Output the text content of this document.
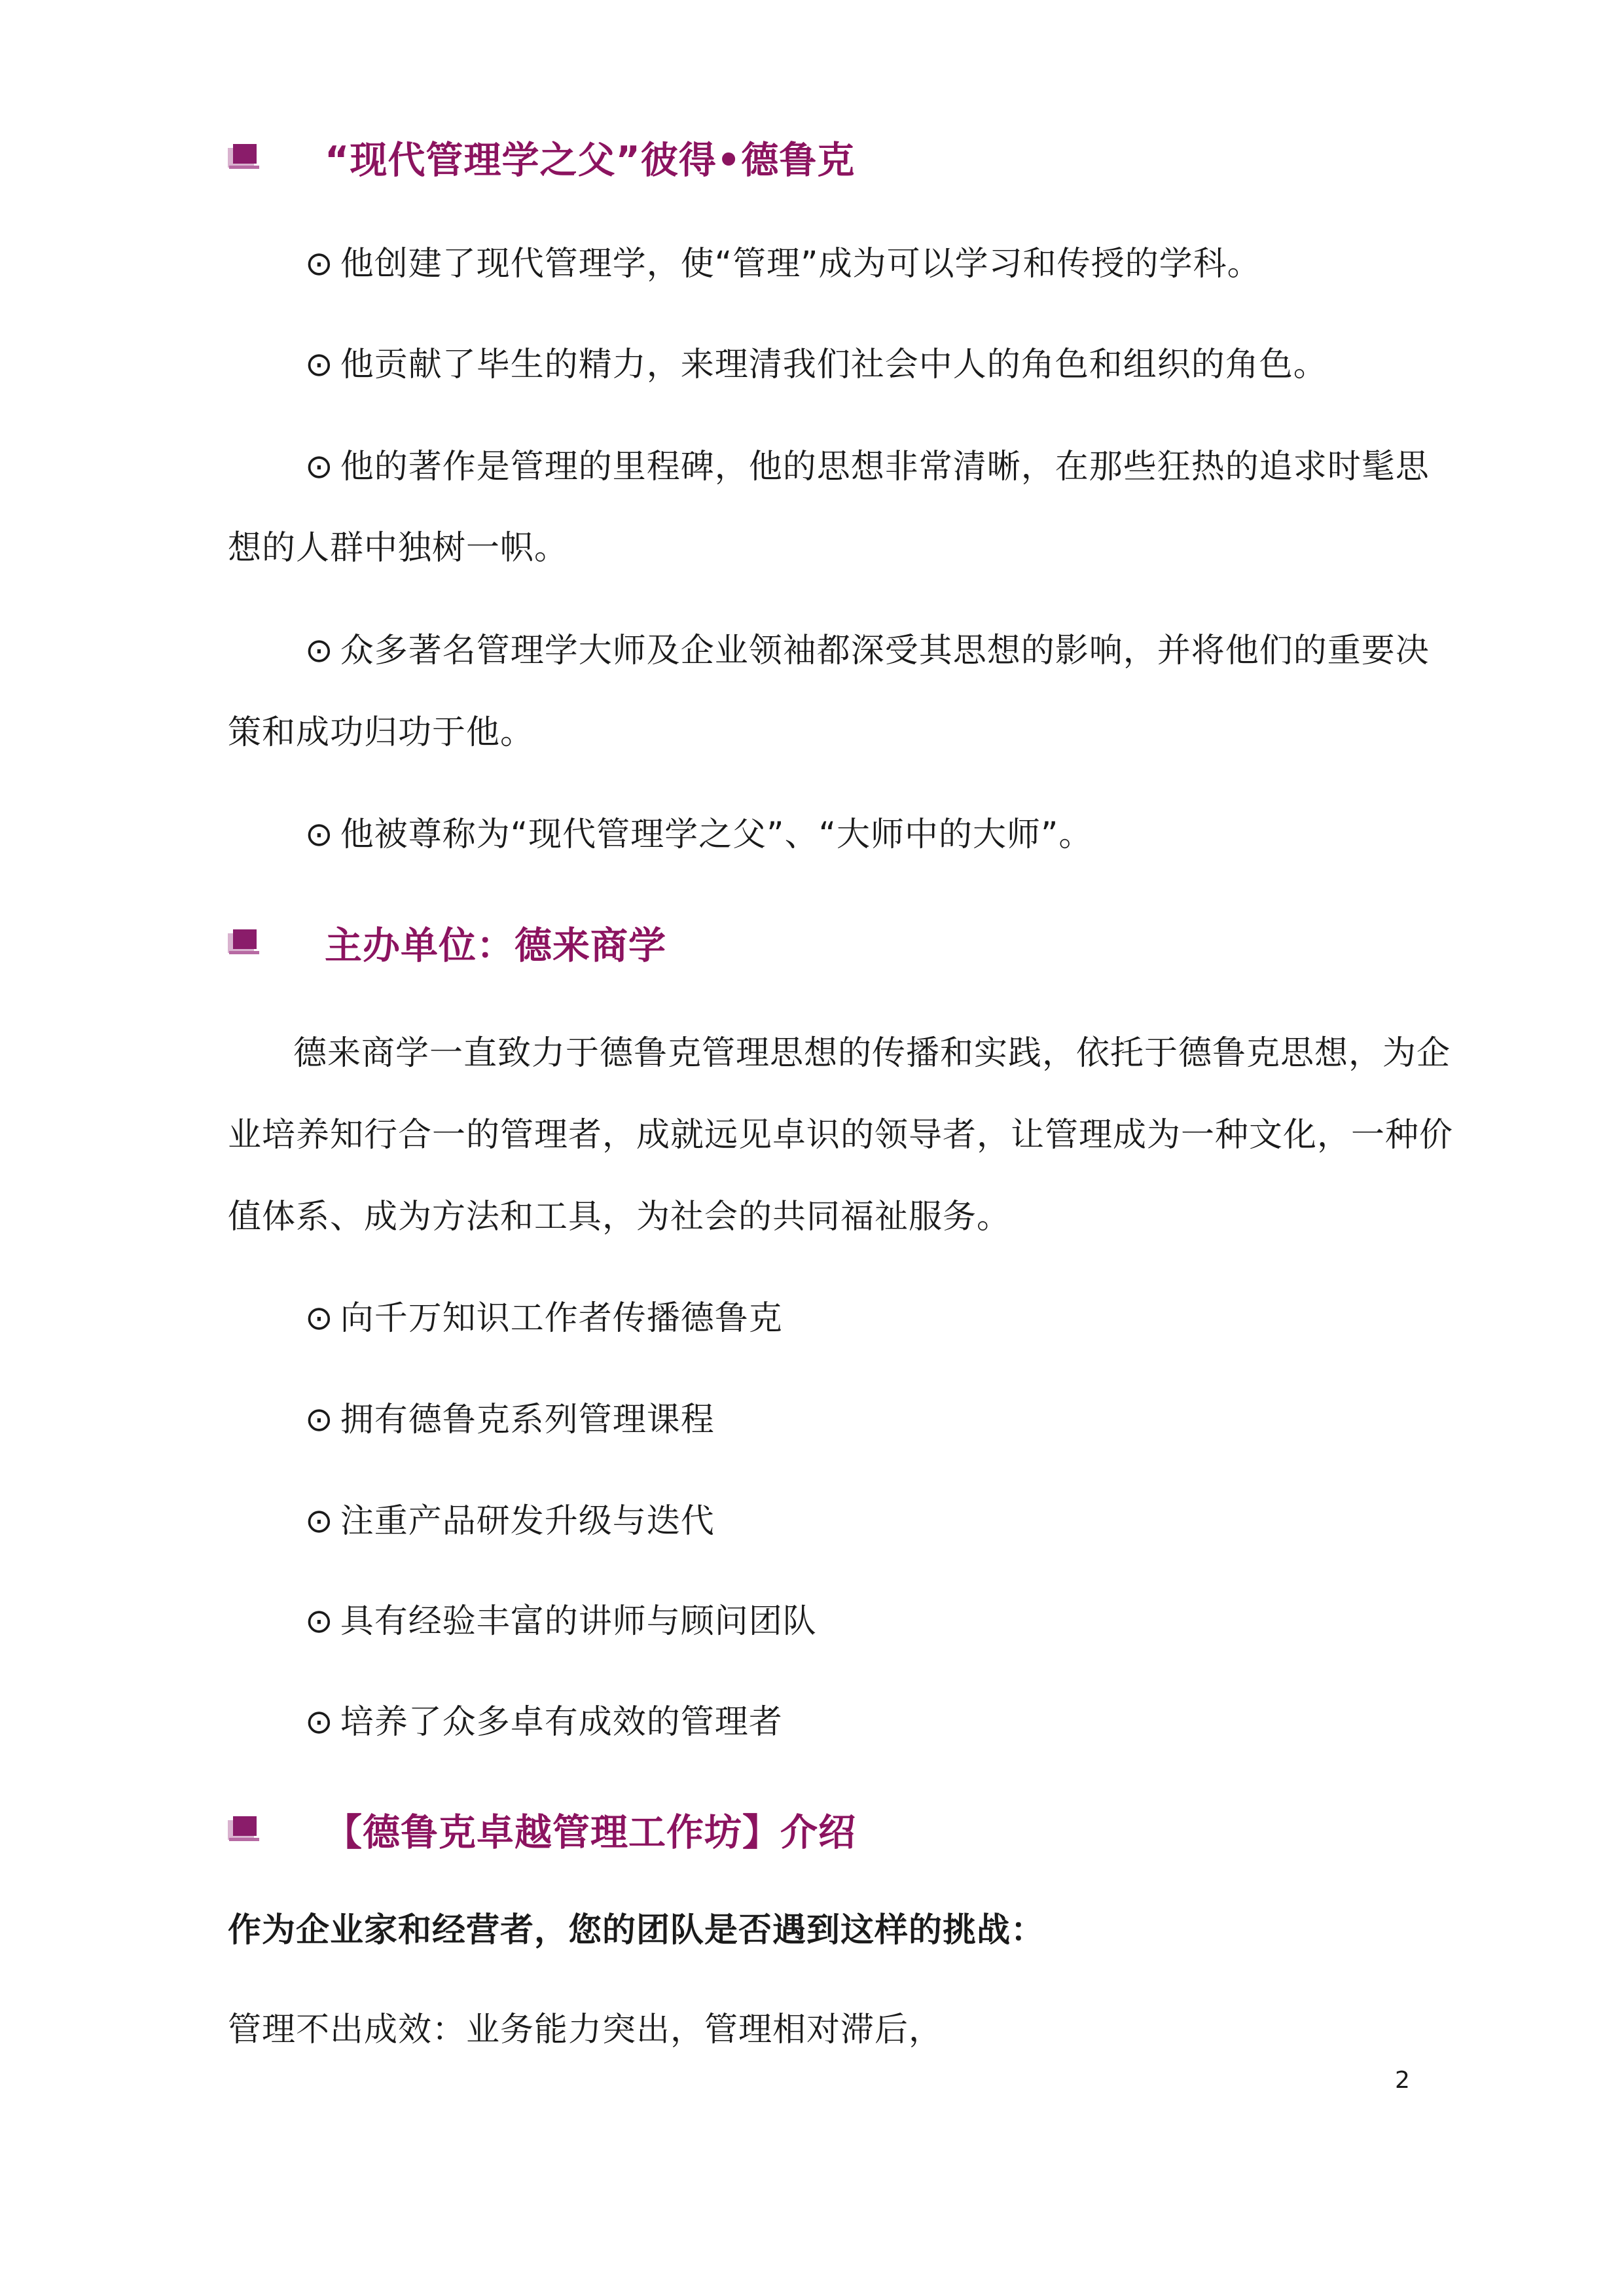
“现代管理学之父”彼得•德鲁克
⊙ 他创建了现代管理学，使“管理”成为可以学习和传授的学科。
⊙ 他贡献了毕生的精力，来理清我们社会中人的角色和组织的角色。
⊙ 他的著作是管理的里程碑，他的思想非常清晰，在那些狂热的追求时髦思
想的人群中独树一帜。
⊙ 众多著名管理学大师及企业领袖都深受其思想的影响，并将他们的重要决
策和成功归功于他。
⊙ 他被尊称为“现代管理学之父”、“大师中的大师”。
主办单位：德来商学
德来商学一直致力于德鲁克管理思想的传播和实践，依托于德鲁克思想，为企
业培养知行合一的管理者，成就远见卓识的领导者，让管理成为一种文化，一种价
值体系、成为方法和工具，为社会的共同福祉服务。
⊙ 向千万知识工作者传播德鲁克
⊙ 拥有德鲁克系列管理课程
⊙ 注重产品研发升级与迭代
⊙ 具有经验丰富的讲师与顾问团队
⊙ 培养了众多卓有成效的管理者
【德鲁克卓越管理工作坊】介绍
作为企业家和经营者，您的团队是否遇到这样的挑战：
管理不出成效：业务能力突出，管理相对滞后，
2
